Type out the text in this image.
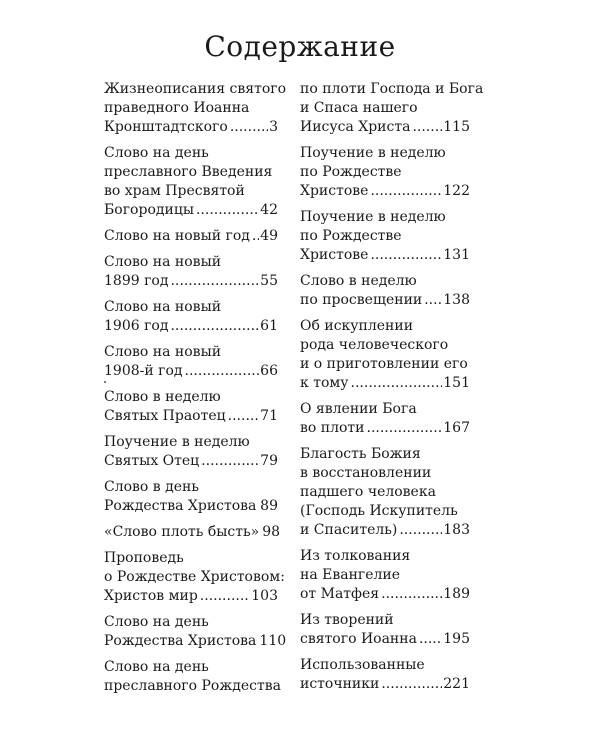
Содержание
Жизнеописания святого
праведного Иоанна
Кронштадтского .....	3
Слово на день
преславного Введения
во храм Пресвятой
Богородицы .....	42
Слово на новый год ..... 49
Слово на новый
1899 год .....	55
Слово на новый
1906 год .....	61
Слово на новый
1908-й год .....	66
Слово в неделю
Святых Праотец ..... 71
Поучение в неделю
Святых Отец .....	79
Слово в день
Рождества Христова ..... 89
«Слово плоть бысть» 98
Проповедь
о Рождестве Христовом:
Христов мир .....	103
Слово на день
Рождества Христова 110
Слово на день
преславного Рождества
по плоти Господа и Бога
и Спаса нашего
Иисуса Христа ..... 115
Поучение в неделю
по Рождестве
Христове .....	122
Поучение в неделю
по Рождестве
Христове .....	131
Слово в неделю
по просвещении ..... 138
Об искуплении
рода человеческого
и о приготовлении его
к тому .....	151
О явлении Бога
во плоти .....	167
Благость Божия
в восстановлении
падшего человека
(Господь Искупитель
и Спаситель) .....	183
Из толкования
на Евангелие
от Матфея .....	189
Из творений
святого Иоанна ..... 195
Использованные
источники .....	221
